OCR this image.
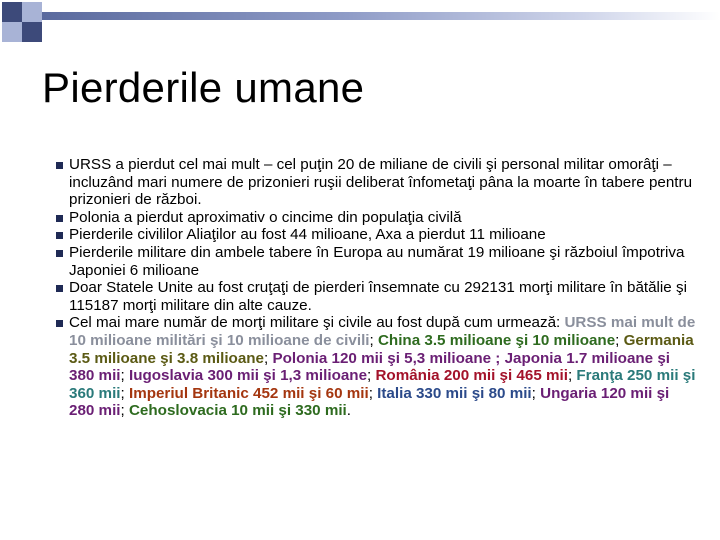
Pierderile umane
URSS a pierdut cel mai mult – cel puţin 20 de miliane de civili şi personal militar omorâţi – incluzând mari numere de prizonieri ruşii deliberat înfometaţi pâna la moarte în tabere pentru prizonieri de război.
Polonia a pierdut aproximativ o cincime din populaţia civilă
Pierderile civililor Aliaţilor au fost 44 milioane, Axa a pierdut 11 milioane
Pierderile militare din ambele tabere în Europa au numărat 19 milioane şi războiul împotriva Japoniei 6 milioane
Doar Statele Unite au fost cruţaţi de pierderi însemnate cu 292131 morţi militare în bătălie şi 115187 morţi militare din alte cauze.
Cel mai mare număr de morţi militare şi civile au fost după cum urmează: URSS mai mult de 10 milioane militări şi 10 milioane de civili; China 3.5 milioane şi 10 milioane; Germania 3.5 milioane şi 3.8 milioane; Polonia 120 mii şi 5,3 milioane ; Japonia 1.7 milioane şi 380 mii; Iugoslavia 300 mii şi 1,3 milioane; România 200 mii şi 465 mii; Franţa 250 mii şi 360 mii; Imperiul Britanic 452 mii şi 60 mii; Italia 330 mii şi 80 mii; Ungaria 120 mii şi 280 mii; Cehoslovacia 10 mii şi 330 mii.
